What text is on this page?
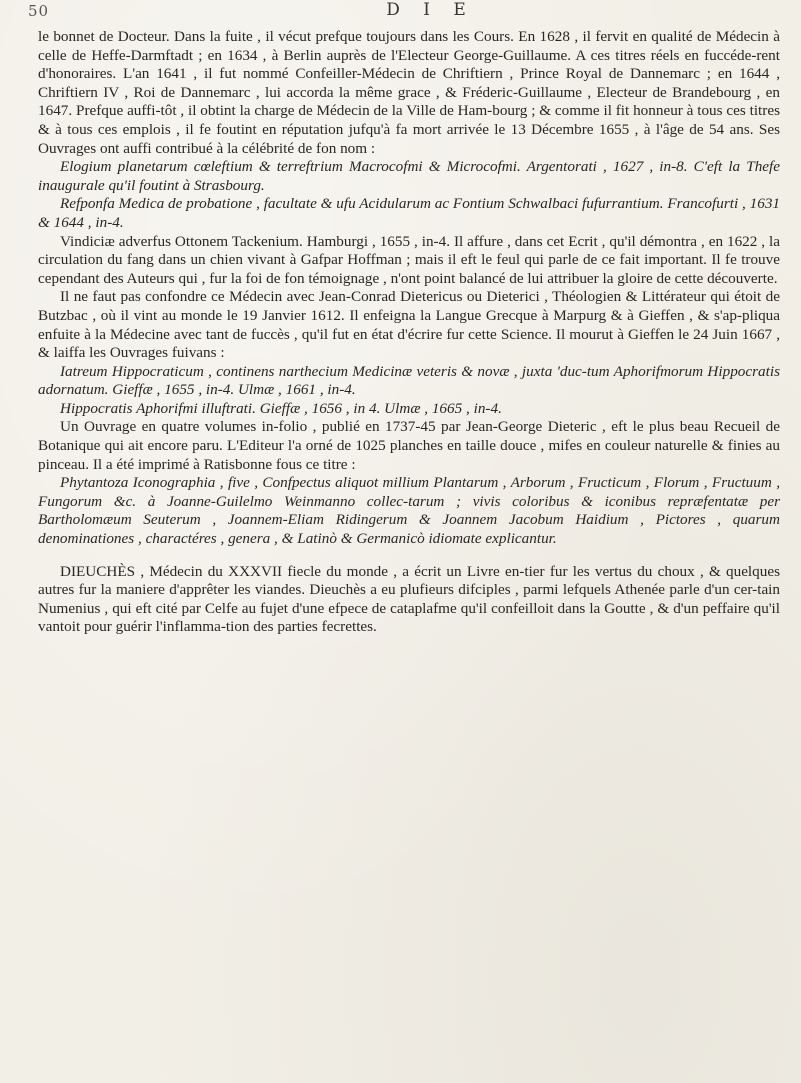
50	D I E

le bonnet de Docteur. Dans la fuite , il vécut prefque toujours dans les Cours. En 1628 , il fervit en qualité de Médecin à celle de Heffe-Darmftadt ; en 1634 , à Berlin auprès de l'Electeur George-Guillaume. A ces titres réels en fuccéde-rent d'honoraires. L'an 1641 , il fut nommé Confeiller-Médecin de Chriftiern , Prince Royal de Dannemarc ; en 1644 , Chriftiern IV , Roi de Dannemarc , lui accorda la même grace , & Fréderic-Guillaume , Electeur de Brandebourg , en 1647. Prefque auffi-tôt , il obtint la charge de Médecin de la Ville de Ham-bourg ; & comme il fit honneur à tous ces titres & à tous ces emplois , il fe foutint en réputation jufqu'à fa mort arrivée le 13 Décembre 1655 , à l'âge de 54 ans. Ses Ouvrages ont auffi contribué à la célébrité de fon nom :

Elogium planetarum cœleftium & terreftrium Macrocofmi & Microcofmi. Argentorati , 1627 , in-8. C'eft la Thefe inaugurale qu'il foutint à Strasbourg.

Refponfa Medica de probatione , facultate & ufu Acidularum ac Fontium Schwalbaci fufurrantium. Francofurti , 1631 & 1644 , in-4.

Vindiciæ adverfus Ottonem Tackenium. Hamburgi , 1655 , in-4. Il affure , dans cet Ecrit , qu'il démontra , en 1622 , la circulation du fang dans un chien vivant à Gafpar Hoffman ; mais il eft le feul qui parle de ce fait important. Il fe trouve cependant des Auteurs qui , fur la foi de fon témoignage , n'ont point balancé de lui attribuer la gloire de cette découverte.

Il ne faut pas confondre ce Médecin avec Jean-Conrad Dietericus ou Dieterici , Théologien & Littérateur qui étoit de Butzbac , où il vint au monde le 19 Janvier 1612. Il enfeigna la Langue Grecque à Marpurg & à Gieffen , & s'ap-pliqua enfuite à la Médecine avec tant de fuccès , qu'il fut en état d'écrire fur cette Science. Il mourut à Gieffen le 24 Juin 1667 , & laiffa les Ouvrages fuivans :

Iatreum Hippocraticum , continens narthecium Medicinæ veteris & novæ , juxta 'duc-tum Aphorifmorum Hippocratis adornatum. Gieffæ , 1655 , in-4. Ulmæ , 1661 , in-4.

Hippocratis Aphorifmi illuftrati. Gieffæ , 1656 , in 4. Ulmæ , 1665 , in-4.

Un Ouvrage en quatre volumes in-folio , publié en 1737-45 par Jean-George Dieteric , eft le plus beau Recueil de Botanique qui ait encore paru. L'Editeur l'a orné de 1025 planches en taille douce , mifes en couleur naturelle & finies au pinceau. Il a été imprimé à Ratisbonne fous ce titre :

Phytantoza Iconographia , five , Confpectus aliquot millium Plantarum , Arborum , Fructicum , Florum , Fructuum , Fungorum &c. à Joanne-Guilelmo Weinmanno collec-tarum ; vivis coloribus & iconibus repræfentatæ per Bartholomæum Seuterum , Joannem-Eliam Ridingerum & Joannem Jacobum Haidium , Pictores , quarum denominationes , charactéres , genera , & Latinò & Germanicò idiomate explicantur.

DIEUCHÈS , Médecin du XXXVII fiecle du monde , a écrit un Livre en-tier fur les vertus du choux , & quelques autres fur la maniere d'apprêter les viandes. Dieuchès a eu plufieurs difciples , parmi lefquels Athenée parle d'un cer-tain Numenius , qui eft cité par Celfe au fujet d'une efpece de cataplafme qu'il confeilloit dans la Goutte , & d'un peffaire qu'il vantoit pour guérir l'inflamma-tion des parties fecrettes.
